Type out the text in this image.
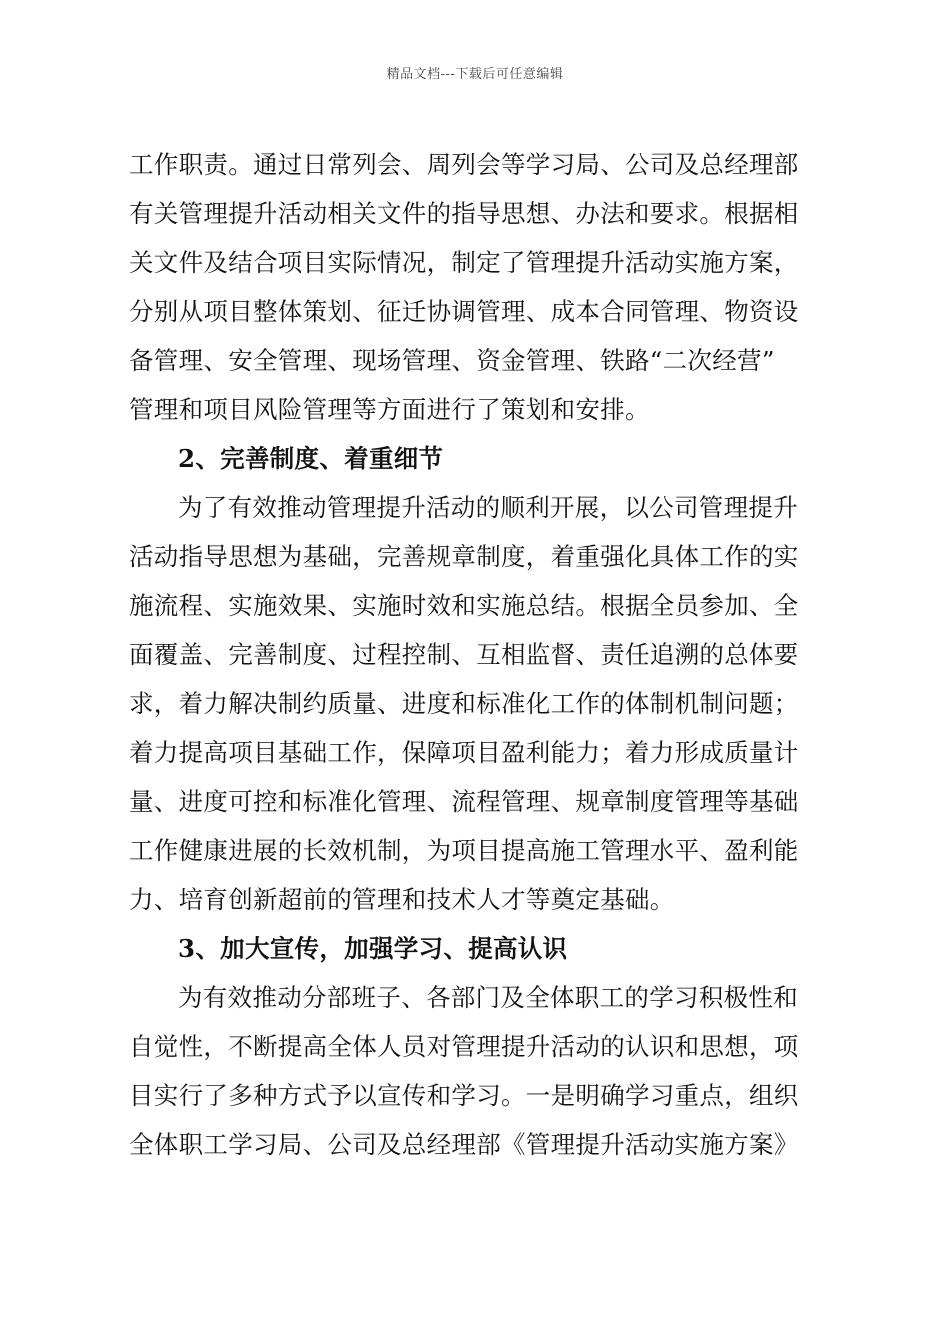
精品文档---下载后可任意编辑
工作职责。通过日常列会、周列会等学习局、公司及总经理部
有关管理提升活动相关文件的指导思想、办法和要求。根据相
关文件及结合项目实际情况，制定了管理提升活动实施方案，
分别从项目整体策划、征迁协调管理、成本合同管理、物资设
备管理、安全管理、现场管理、资金管理、铁路“二次经营”
管理和项目风险管理等方面进行了策划和安排。
2、完善制度、着重细节
为了有效推动管理提升活动的顺利开展，以公司管理提升
活动指导思想为基础，完善规章制度，着重强化具体工作的实
施流程、实施效果、实施时效和实施总结。根据全员参加、全
面覆盖、完善制度、过程控制、互相监督、责任追溯的总体要
求，着力解决制约质量、进度和标准化工作的体制机制问题；
着力提高项目基础工作，保障项目盈利能力；着力形成质量计
量、进度可控和标准化管理、流程管理、规章制度管理等基础
工作健康进展的长效机制，为项目提高施工管理水平、盈利能
力、培育创新超前的管理和技术人才等奠定基础。
3、加大宣传，加强学习、提高认识
为有效推动分部班子、各部门及全体职工的学习积极性和
自觉性，不断提高全体人员对管理提升活动的认识和思想，项
目实行了多种方式予以宣传和学习。一是明确学习重点，组织
全体职工学习局、公司及总经理部《管理提升活动实施方案》
